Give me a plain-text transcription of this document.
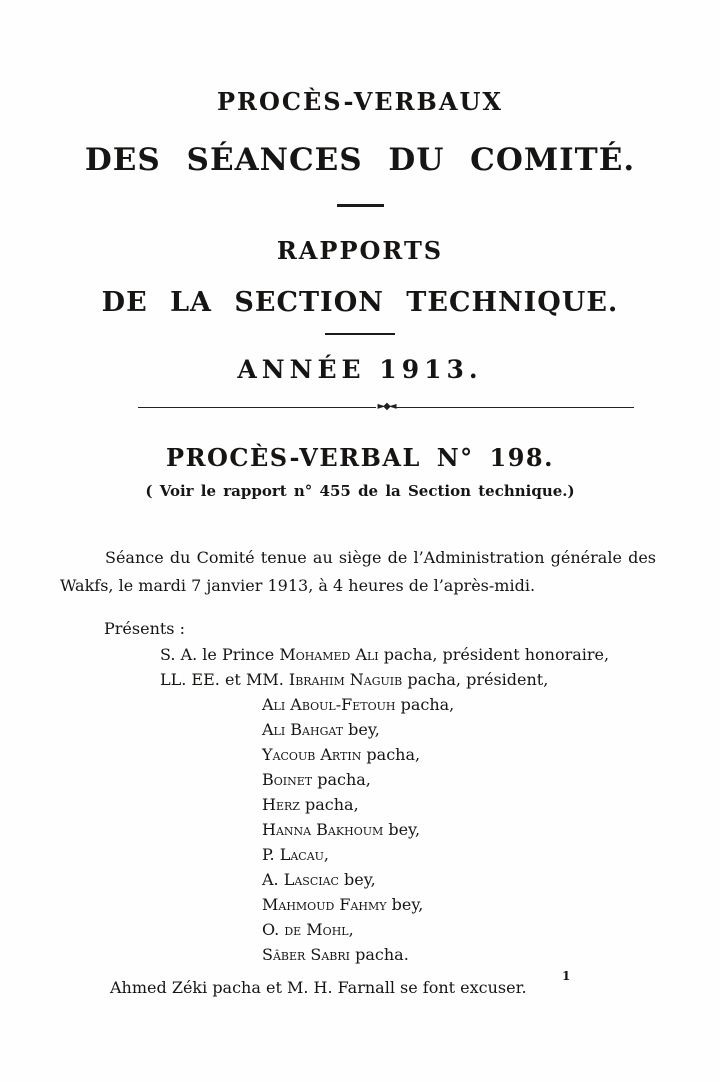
PROCÈS-VERBAUX
DES SÉANCES DU COMITÉ.
RAPPORTS
DE LA SECTION TECHNIQUE.
ANNÉE 1913.
►◆◄
PROCÈS-VERBAL N° 198.
( Voir le rapport n° 455 de la Section technique.)

Séance du Comité tenue au siège de l’Administration générale des Wakfs, le mardi 7 janvier 1913, à 4 heures de l’après-midi.

Présents :
S. A. le Prince Mohamed Ali pacha, président honoraire,
LL. EE. et MM. Ibrahim Naguib pacha, président,
Ali Aboul-Fetouh pacha,
Ali Bahgat bey,
Yacoub Artin pacha,
Boinet pacha,
Herz pacha,
Hanna Bakhoum bey,
P. Lacau,
A. Lasciac bey,
Mahmoud Fahmy bey,
O. de Mohl,
Sâber Sabri pacha.
Ahmed Zéki pacha et M. H. Farnall se font excuser.
1
